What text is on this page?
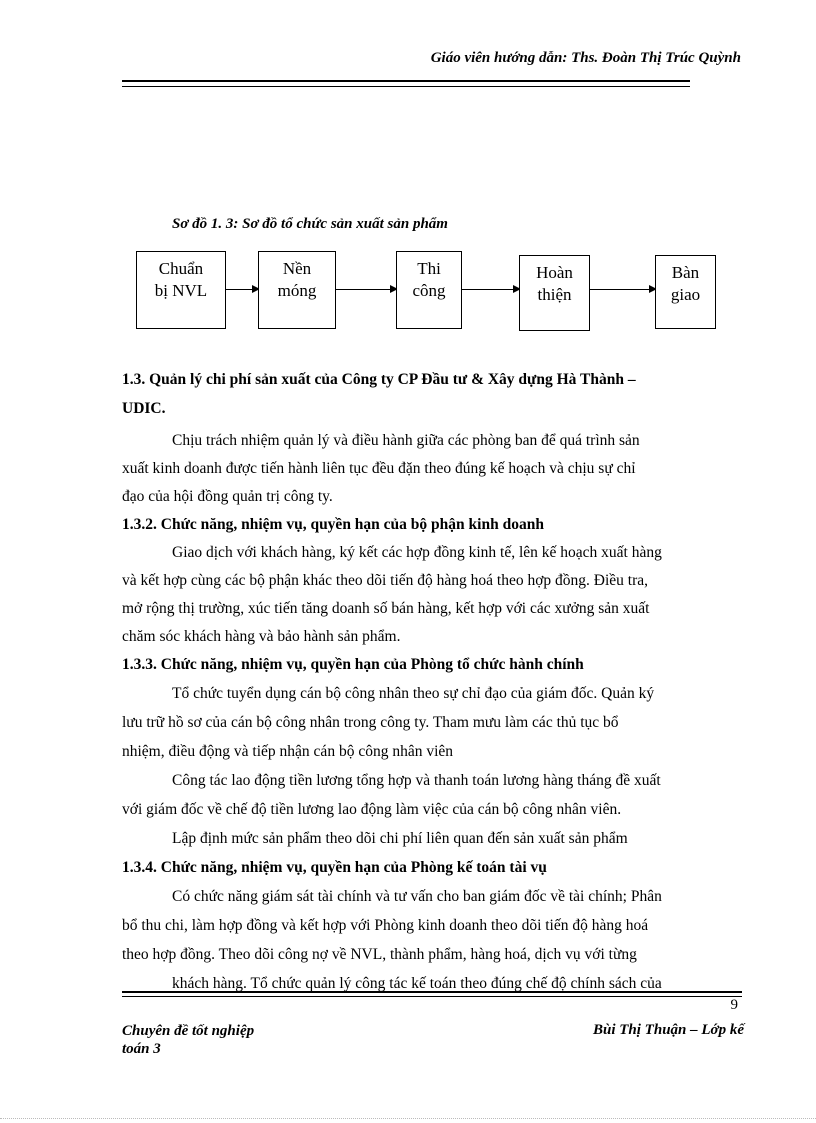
Giáo viên hướng dẫn: Ths. Đoàn Thị Trúc Quỳnh
Sơ đồ 1. 3: Sơ đồ tổ chức sản xuất sản phẩm
Chuẩn
bị NVL
Nền
móng
Thi
công
Hoàn
thiện
Bàn
giao
1.3. Quản lý chi phí sản xuất của Công ty CP Đầu tư & Xây dựng Hà Thành –
UDIC.
Chịu trách nhiệm quản lý và điều hành giữa các phòng ban để quá trình sản
xuất kinh doanh được tiến hành liên tục đều đặn theo đúng kế hoạch và chịu sự chỉ
đạo của hội đồng quản trị công ty.
1.3.2. Chức năng, nhiệm vụ, quyền hạn của bộ phận kinh doanh
Giao dịch với khách hàng, ký kết các hợp đồng kinh tế, lên kế hoạch xuất hàng
và kết hợp cùng các bộ phận khác theo dõi tiến độ hàng hoá theo hợp đồng. Điều tra,
mở rộng thị trường, xúc tiến tăng doanh số bán hàng, kết hợp với các xưởng sản xuất
chăm sóc khách hàng và bảo hành sản phẩm.
1.3.3. Chức năng, nhiệm vụ, quyền hạn của Phòng tổ chức hành chính
Tổ chức tuyển dụng cán bộ công nhân theo sự chỉ đạo của giám đốc. Quản ký
lưu trữ hồ sơ của cán bộ công nhân trong công ty. Tham mưu làm các thủ tục bổ
nhiệm, điều động và tiếp nhận cán bộ công nhân viên
Công tác lao động tiền lương tổng hợp và thanh toán lương hàng tháng đề xuất
với giám đốc về chế độ tiền lương lao động làm việc của cán bộ công nhân viên.
Lập định mức sản phẩm theo dõi chi phí liên quan đến sản xuất sản phẩm
1.3.4. Chức năng, nhiệm vụ, quyền hạn của Phòng kế toán tài vụ
Có chức năng giám sát tài chính và tư vấn cho ban giám đốc về tài chính; Phân
bổ thu chi, làm hợp đồng và kết hợp với Phòng kinh doanh theo dõi tiến độ hàng hoá
theo hợp đồng. Theo dõi công nợ về NVL, thành phẩm, hàng hoá, dịch vụ với từng
khách hàng. Tổ chức quản lý công tác kế toán theo đúng chế độ chính sách của
9
Chuyên đề tốt nghiệp
toán 3
Bùi Thị Thuận – Lớp kế
